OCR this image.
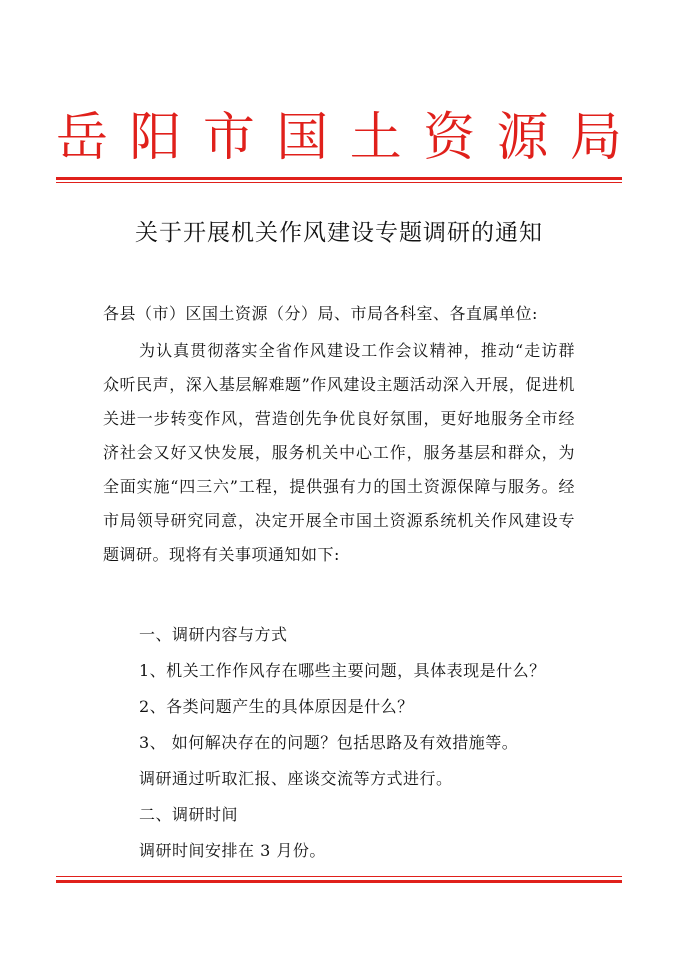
岳 阳 市 国 土 资 源 局
关于开展机关作风建设专题调研的通知

各县（市）区国土资源（分）局、市局各科室、各直属单位:

为认真贯彻落实全省作风建设工作会议精神，推动“走访群众听民声，深入基层解难题”作风建设主题活动深入开展，促进机关进一步转变作风，营造创先争优良好氛围，更好地服务全市经济社会又好又快发展，服务机关中心工作，服务基层和群众，为全面实施“四三六”工程，提供强有力的国土资源保障与服务。经市局领导研究同意，决定开展全市国土资源系统机关作风建设专题调研。现将有关事项通知如下:

一、调研内容与方式
1、机关工作作风存在哪些主要问题，具体表现是什么？
2、各类问题产生的具体原因是什么？
3、 如何解决存在的问题？包括思路及有效措施等。
调研通过听取汇报、座谈交流等方式进行。
二、调研时间
调研时间安排在 3 月份。
